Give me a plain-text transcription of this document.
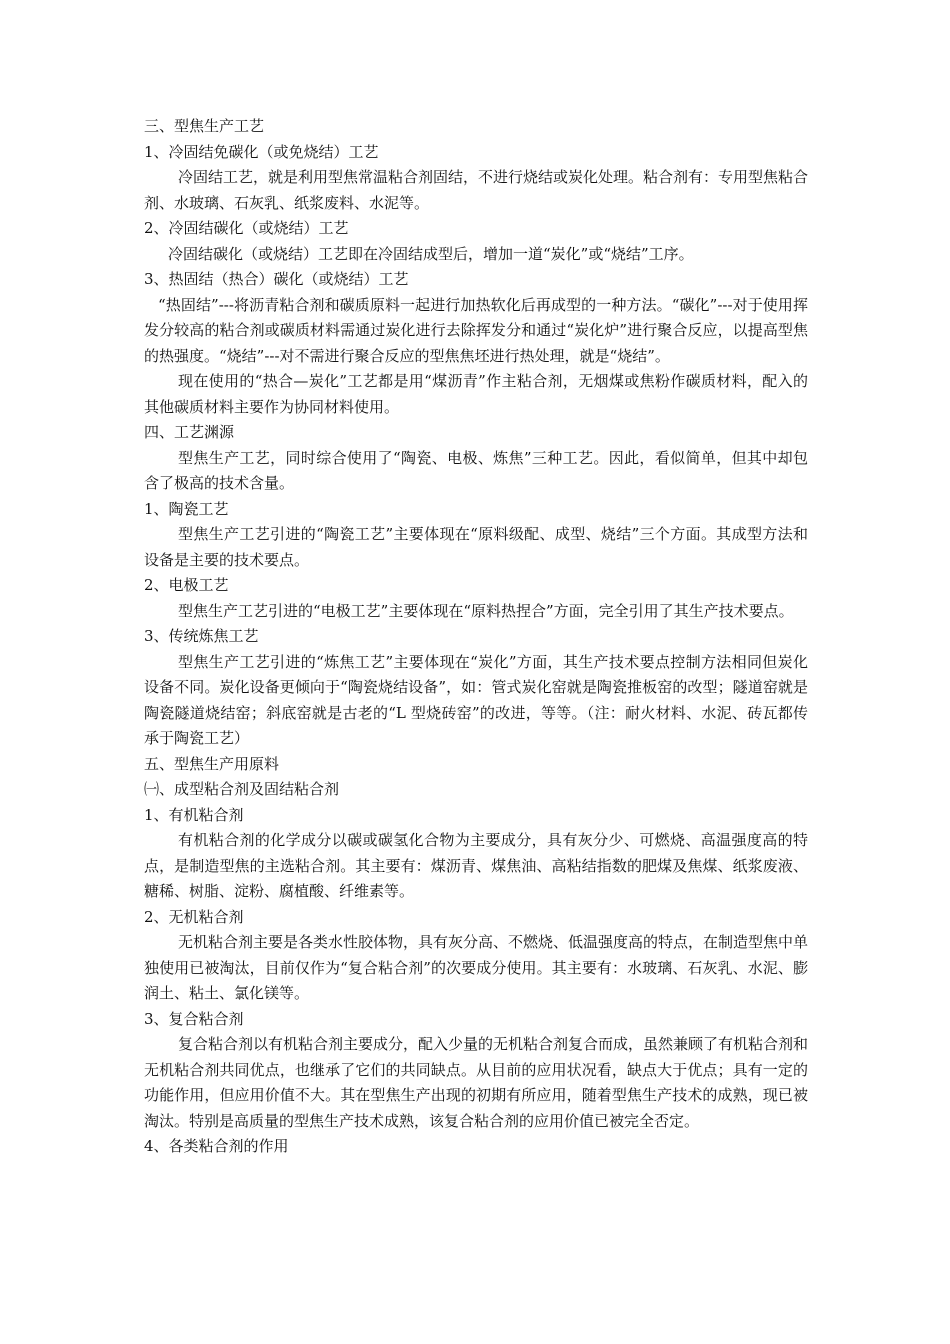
三、型焦生产工艺
1、冷固结免碳化（或免烧结）工艺
冷固结工艺，就是利用型焦常温粘合剂固结，不进行烧结或炭化处理。粘合剂有：专用型焦粘合剂、水玻璃、石灰乳、纸浆废料、水泥等。
2、冷固结碳化（或烧结）工艺
冷固结碳化（或烧结）工艺即在冷固结成型后，增加一道“炭化”或“烧结”工序。
3、热固结（热合）碳化（或烧结）工艺
“热固结”---将沥青粘合剂和碳质原料一起进行加热软化后再成型的一种方法。“碳化”---对于使用挥发分较高的粘合剂或碳质材料需通过炭化进行去除挥发分和通过“炭化炉”进行聚合反应，以提高型焦的热强度。“烧结”---对不需进行聚合反应的型焦焦坯进行热处理，就是“烧结”。
现在使用的“热合—炭化”工艺都是用“煤沥青”作主粘合剂，无烟煤或焦粉作碳质材料，配入的其他碳质材料主要作为协同材料使用。
四、工艺渊源
型焦生产工艺，同时综合使用了“陶瓷、电极、炼焦”三种工艺。因此，看似简单，但其中却包含了极高的技术含量。
1、陶瓷工艺
型焦生产工艺引进的“陶瓷工艺”主要体现在“原料级配、成型、烧结”三个方面。其成型方法和设备是主要的技术要点。
2、电极工艺
型焦生产工艺引进的“电极工艺”主要体现在“原料热捏合”方面，完全引用了其生产技术要点。
3、传统炼焦工艺
型焦生产工艺引进的“炼焦工艺”主要体现在“炭化”方面，其生产技术要点控制方法相同但炭化设备不同。炭化设备更倾向于“陶瓷烧结设备”，如：管式炭化窑就是陶瓷推板窑的改型；隧道窑就是陶瓷隧道烧结窑；斜底窑就是古老的“L 型烧砖窑”的改进，等等。（注：耐火材料、水泥、砖瓦都传承于陶瓷工艺）
五、型焦生产用原料
㈠、成型粘合剂及固结粘合剂
1、有机粘合剂
有机粘合剂的化学成分以碳或碳氢化合物为主要成分，具有灰分少、可燃烧、高温强度高的特点，是制造型焦的主选粘合剂。其主要有：煤沥青、煤焦油、高粘结指数的肥煤及焦煤、纸浆废液、糖稀、树脂、淀粉、腐植酸、纤维素等。
2、无机粘合剂
无机粘合剂主要是各类水性胶体物，具有灰分高、不燃烧、低温强度高的特点，在制造型焦中单独使用已被淘汰，目前仅作为“复合粘合剂”的次要成分使用。其主要有：水玻璃、石灰乳、水泥、膨润土、粘土、氯化镁等。
3、复合粘合剂
复合粘合剂以有机粘合剂主要成分，配入少量的无机粘合剂复合而成，虽然兼顾了有机粘合剂和无机粘合剂共同优点，也继承了它们的共同缺点。从目前的应用状况看，缺点大于优点；具有一定的功能作用，但应用价值不大。其在型焦生产出现的初期有所应用，随着型焦生产技术的成熟，现已被淘汰。特别是高质量的型焦生产技术成熟，该复合粘合剂的应用价值已被完全否定。
4、各类粘合剂的作用
